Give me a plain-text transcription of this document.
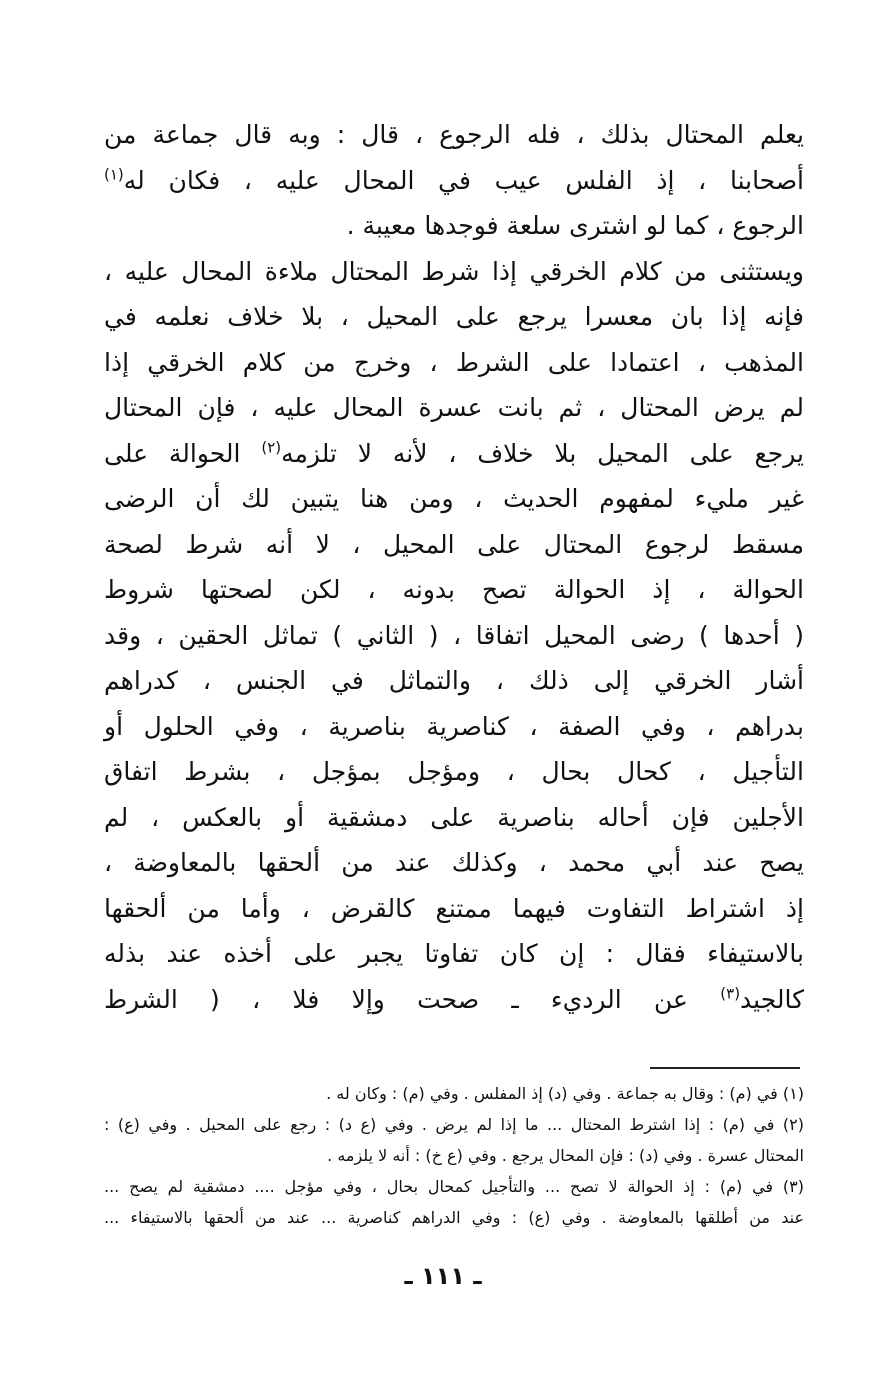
يعلم المحتال بذلك ، فله الرجوع ، قال : وبه قال جماعة من
أصحابنا ، إذ الفلس عيب في المحال عليه ، فكان له$^{(١)}$
الرجوع ، كما لو اشترى سلعة فوجدها معيبة .
ويستثنى من كلام الخرقي إذا شرط المحتال ملاءة المحال عليه ،
فإنه إذا بان معسرا يرجع على المحيل ، بلا خلاف نعلمه في
المذهب ، اعتمادا على الشرط ، وخرج من كلام الخرقي إذا
لم يرض المحتال ، ثم بانت عسرة المحال عليه ، فإن المحتال
يرجع على المحيل بلا خلاف ، لأنه لا تلزمه$^{(٢)}$ الحوالة على
غير مليء لمفهوم الحديث ، ومن هنا يتبين لك أن الرضى
مسقط لرجوع المحتال على المحيل ، لا أنه شرط لصحة
الحوالة ، إذ الحوالة تصح بدونه ، لكن لصحتها شروط
( أحدها ) رضى المحيل اتفاقا ، ( الثاني ) تماثل الحقين ، وقد
أشار الخرقي إلى ذلك ، والتماثل في الجنس ، كدراهم
بدراهم ، وفي الصفة ، كناصرية بناصرية ، وفي الحلول أو
التأجيل ، كحال بحال ، ومؤجل بمؤجل ، بشرط اتفاق
الأجلين فإن أحاله بناصرية على دمشقية أو بالعكس ، لم
يصح عند أبي محمد ، وكذلك عند من ألحقها بالمعاوضة ،
إذ اشتراط التفاوت فيهما ممتنع كالقرض ، وأما من ألحقها
بالاستيفاء فقال : إن كان تفاوتا يجبر على أخذه عند بذله
كالجيد$^{(٣)}$ عن الرديء ـ صحت وإلا فلا ، ( الشرط
(١) في (م) : وقال به جماعة . وفي (د) إذ المفلس . وفي (م) : وكان له .
(٢) في (م) : إذا اشترط المحتال ... ما إذا لم يرض . وفي (ع د) : رجع على المحيل . وفي (ع) :
المحتال عسرة . وفي (د) : فإن المحال يرجع . وفي (ع خ) : أنه لا يلزمه .
(٣) في (م) : إذ الحوالة لا تصح ... والتأجيل كمحال بحال ، وفي مؤجل .... دمشقية لم يصح ...
عند من أطلقها بالمعاوضة . وفي (ع) : وفي الدراهم كناصرية ... عند من ألحقها بالاستيفاء ...
ـ ١١١ ـ
